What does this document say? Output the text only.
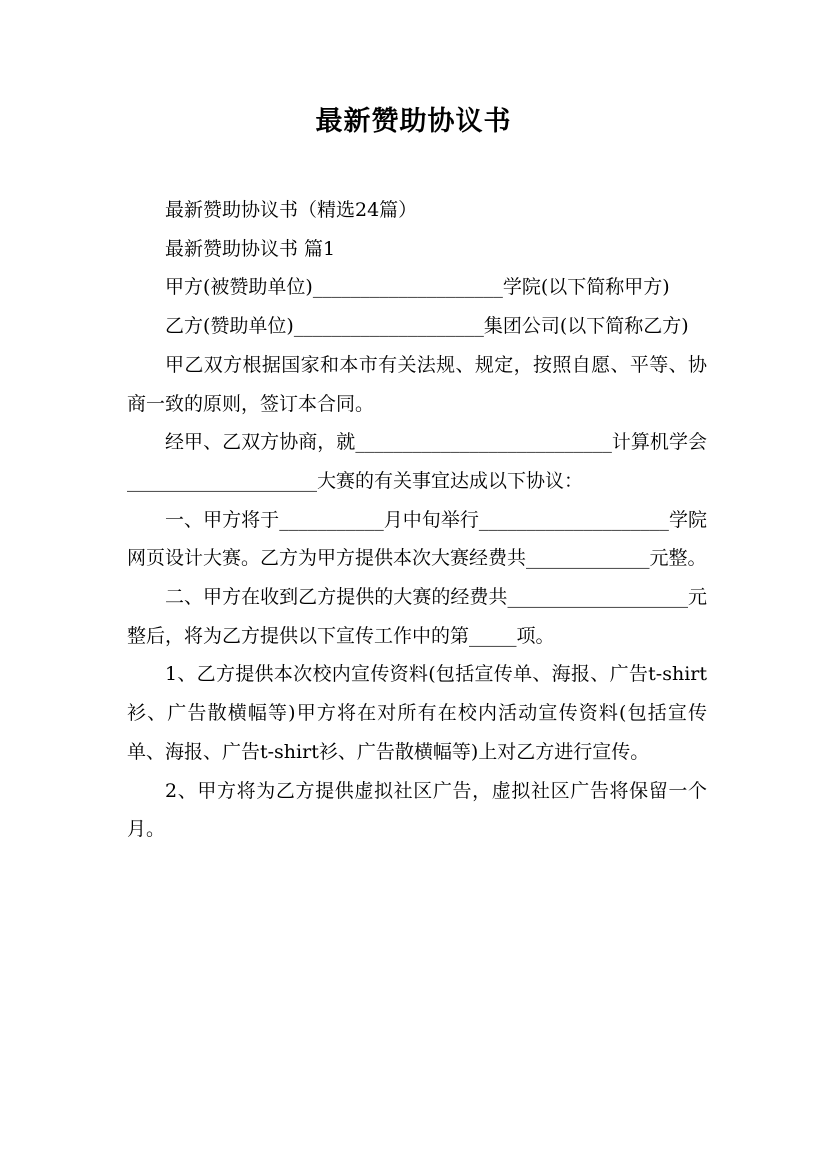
最新赞助协议书

最新赞助协议书（精选24篇）

最新赞助协议书 篇1

甲方(被赞助单位)____________________学院(以下简称甲方)

乙方(赞助单位)____________________集团公司(以下简称乙方)

甲乙双方根据国家和本市有关法规、规定，按照自愿、平等、协商一致的原则，签订本合同。

经甲、乙双方协商，就___________________________计算机学会____________________大赛的有关事宜达成以下协议：

一、甲方将于___________月中旬举行____________________学院网页设计大赛。乙方为甲方提供本次大赛经费共_____________元整。

二、甲方在收到乙方提供的大赛的经费共___________________元整后，将为乙方提供以下宣传工作中的第_____项。

1、乙方提供本次校内宣传资料(包括宣传单、海报、广告t-shirt衫、广告散横幅等)甲方将在对所有在校内活动宣传资料(包括宣传单、海报、广告t-shirt衫、广告散横幅等)上对乙方进行宣传。

2、甲方将为乙方提供虚拟社区广告，虚拟社区广告将保留一个月。
